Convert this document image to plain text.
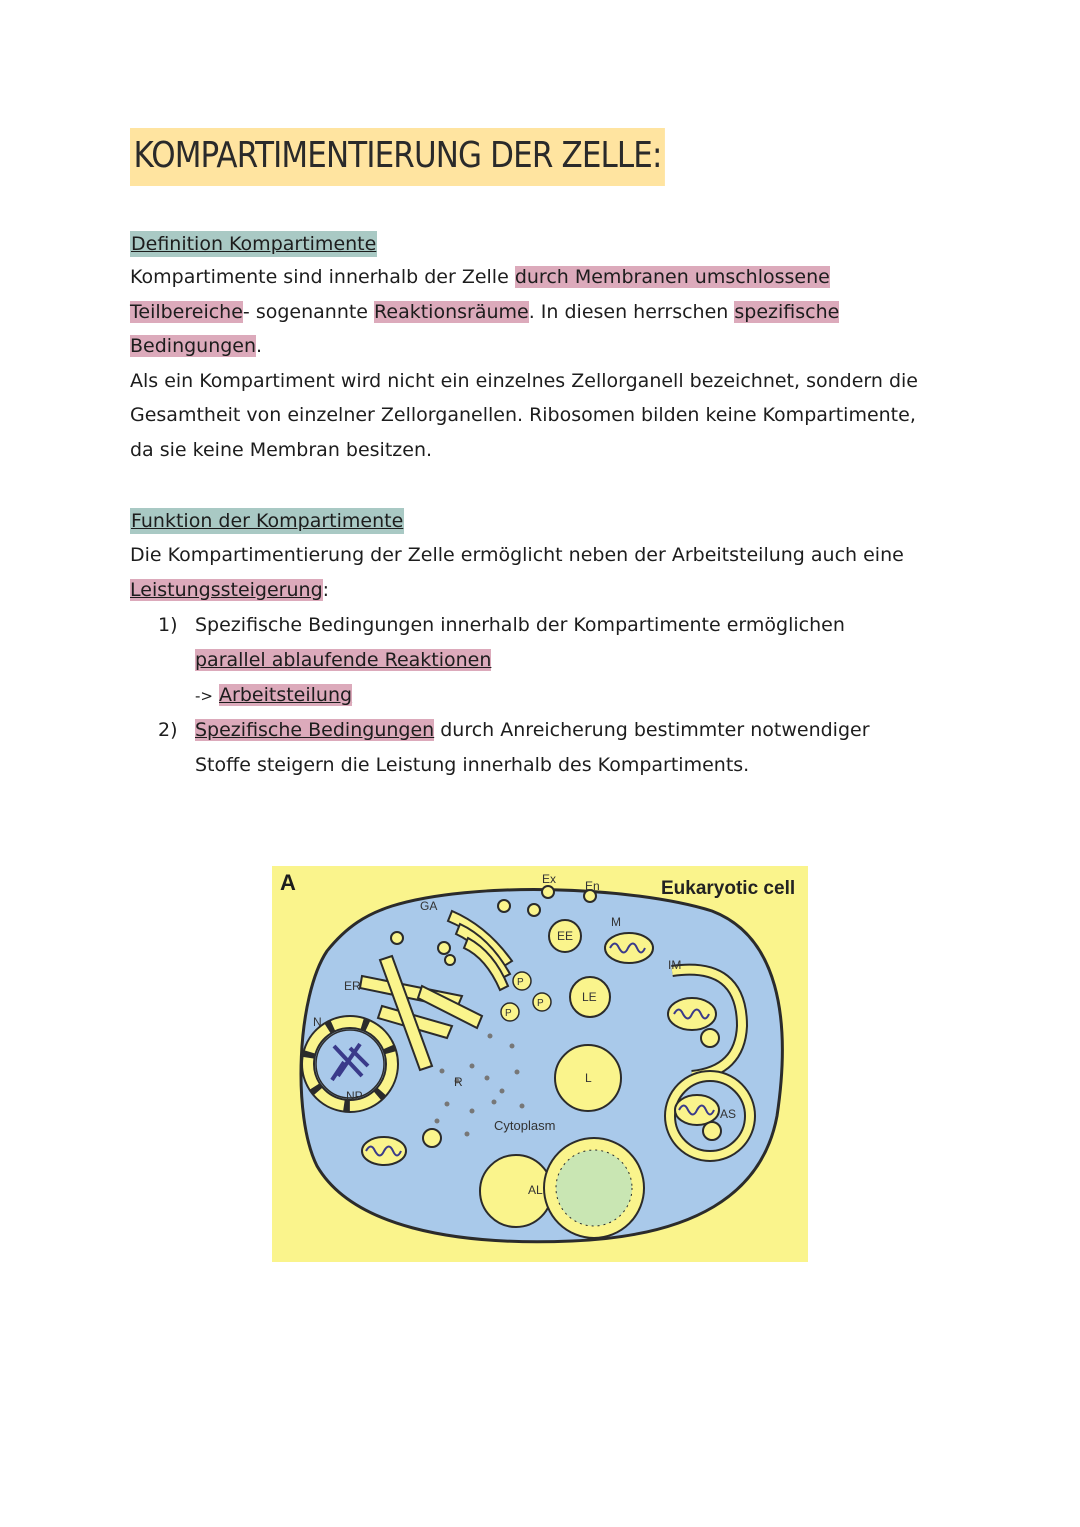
KOMPARTIMENTIERUNG DER ZELLE:
Definition Kompartimente
Kompartimente sind innerhalb der Zelle durch Membranen umschlossene
Teilbereiche- sogenannte Reaktionsräume. In diesen herrschen spezifische
Bedingungen.
Als ein Kompartiment wird nicht ein einzelnes Zellorganell bezeichnet, sondern die
Gesamtheit von einzelner Zellorganellen. Ribosomen bilden keine Kompartimente,
da sie keine Membran besitzen.
Funktion der Kompartimente
Die Kompartimentierung der Zelle ermöglicht neben der Arbeitsteilung auch eine
Leistungssteigerung:
1) Spezifische Bedingungen innerhalb der Kompartimente ermöglichen
parallel ablaufende Reaktionen
-> Arbeitsteilung
2) Spezifische Bedingungen durch Anreicherung bestimmter notwendiger
Stoffe steigern die Leistung innerhalb des Kompartiments.
GA
Ex En
M
EE
ER	P
P
P
LE
IM
N
NP
R	L
AS
Cytoplasm
AL
A	Eukaryotic cell
